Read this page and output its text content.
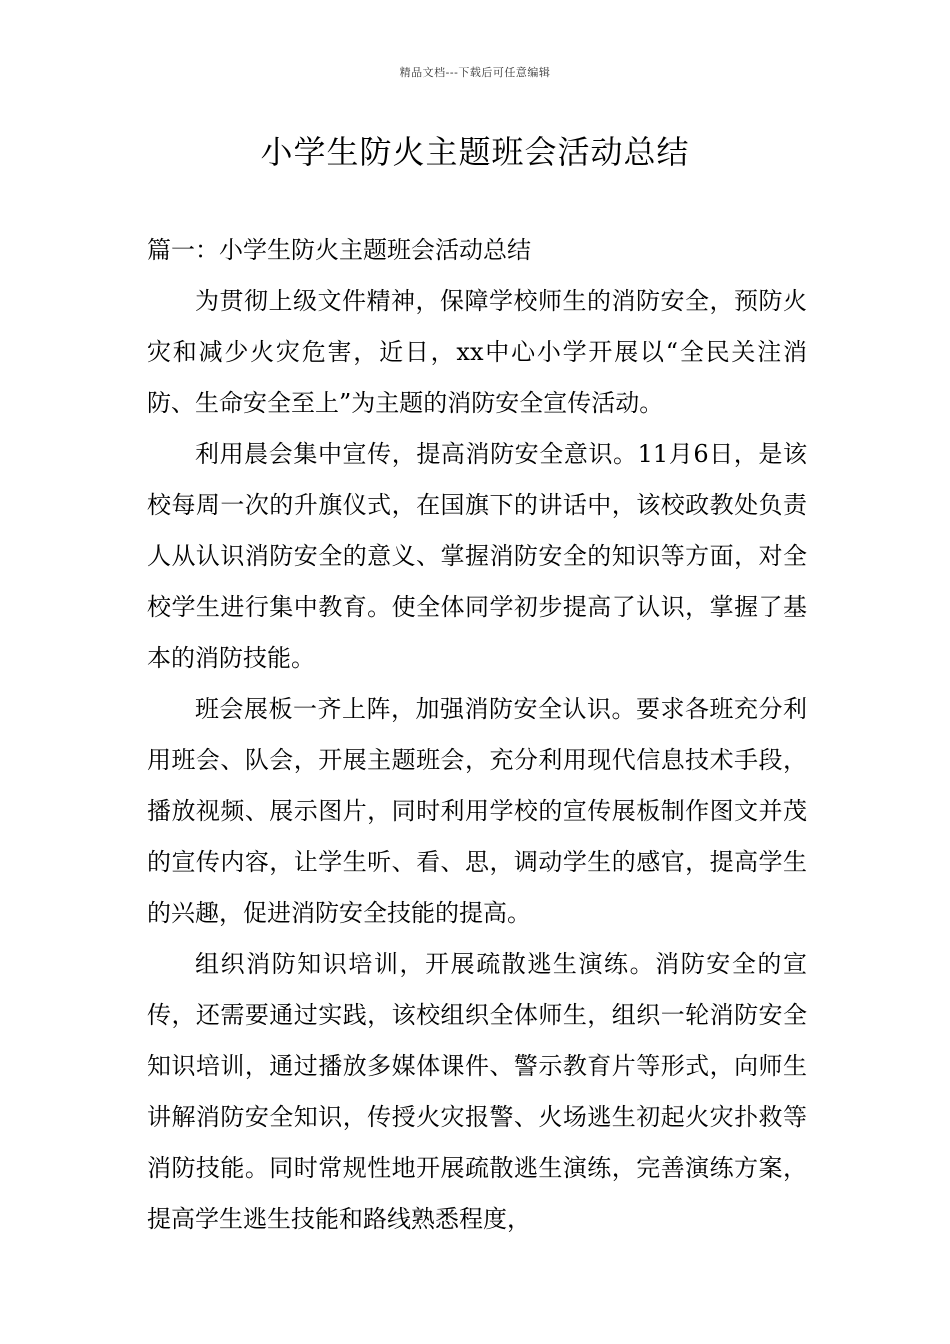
精品文档---下载后可任意编辑
小学生防火主题班会活动总结

篇一：小学生防火主题班会活动总结

为贯彻上级文件精神，保障学校师生的消防安全，预防火灾和减少火灾危害，近日，xx中心小学开展以“全民关注消防、生命安全至上”为主题的消防安全宣传活动。

利用晨会集中宣传，提高消防安全意识。11月6日，是该校每周一次的升旗仪式，在国旗下的讲话中，该校政教处负责人从认识消防安全的意义、掌握消防安全的知识等方面，对全校学生进行集中教育。使全体同学初步提高了认识，掌握了基本的消防技能。

班会展板一齐上阵，加强消防安全认识。要求各班充分利用班会、队会，开展主题班会，充分利用现代信息技术手段，播放视频、展示图片，同时利用学校的宣传展板制作图文并茂的宣传内容，让学生听、看、思，调动学生的感官，提高学生的兴趣，促进消防安全技能的提高。

组织消防知识培训，开展疏散逃生演练。消防安全的宣传，还需要通过实践，该校组织全体师生，组织一轮消防安全知识培训，通过播放多媒体课件、警示教育片等形式，向师生讲解消防安全知识，传授火灾报警、火场逃生初起火灾扑救等消防技能。同时常规性地开展疏散逃生演练，完善演练方案，提高学生逃生技能和路线熟悉程度，
